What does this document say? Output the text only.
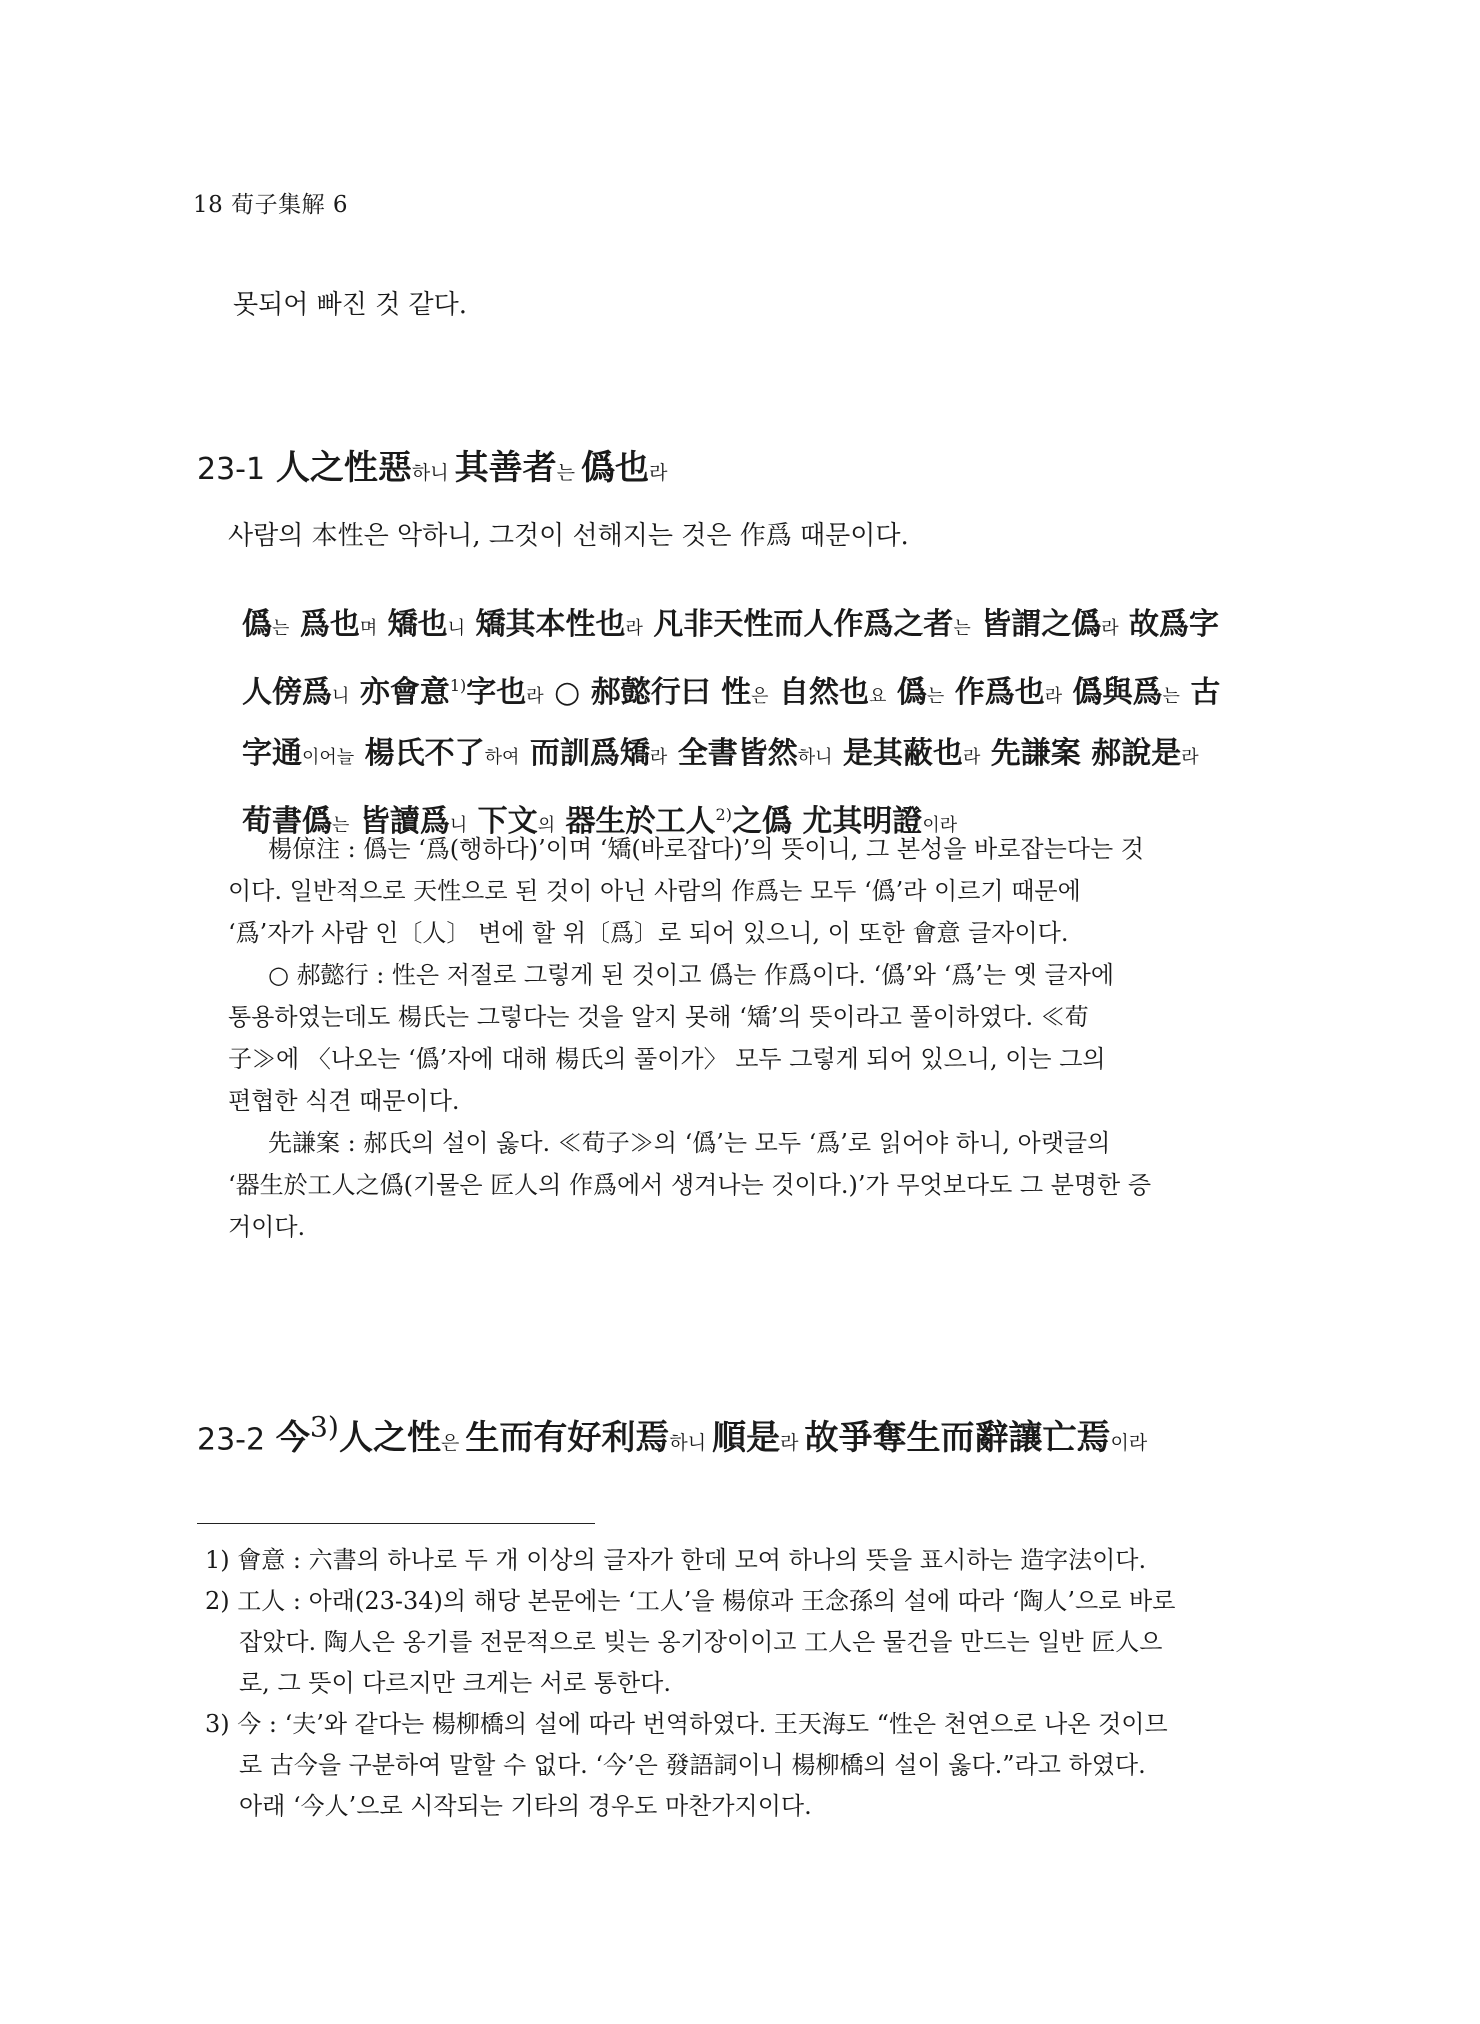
18 荀子集解 6
못되어 빠진 것 같다.
23-1 人之性惡하니 其善者는 僞也라
사람의 本性은 악하니, 그것이 선해지는 것은 作爲 때문이다.
僞는 爲也며 矯也니 矯其本性也라 凡非天性而人作爲之者는 皆謂之僞라 故爲字
人傍爲니 亦會意$^{1)}$字也라 ○ 郝懿行曰 性은 自然也요 僞는 作爲也라 僞與爲는 古
字通이어늘 楊氏不了하여 而訓爲矯라 全書皆然하니 是其蔽也라 先謙案 郝說是라
荀書僞는 皆讀爲니 下文의 器生於工人$^{2)}$之僞 尤其明證이라
楊倞注 : 僞는 ‘爲(행하다)’이며 ‘矯(바로잡다)’의 뜻이니, 그 본성을 바로잡는다는 것
이다. 일반적으로 天性으로 된 것이 아닌 사람의 作爲는 모두 ‘僞’라 이르기 때문에
‘爲’자가 사람 인〔人〕 변에 할 위〔爲〕로 되어 있으니, 이 또한 會意 글자이다.
○ 郝懿行 : 性은 저절로 그렇게 된 것이고 僞는 作爲이다. ‘僞’와 ‘爲’는 옛 글자에
통용하였는데도 楊氏는 그렇다는 것을 알지 못해 ‘矯’의 뜻이라고 풀이하였다. ≪荀
子≫에 〈나오는 ‘僞’자에 대해 楊氏의 풀이가〉 모두 그렇게 되어 있으니, 이는 그의
편협한 식견 때문이다.
先謙案 : 郝氏의 설이 옳다. ≪荀子≫의 ‘僞’는 모두 ‘爲’로 읽어야 하니, 아랫글의
‘器生於工人之僞(기물은 匠人의 作爲에서 생겨나는 것이다.)’가 무엇보다도 그 분명한 증
거이다.
23-2 今$^{3)}$人之性은 生而有好利焉하니 順是라 故爭奪生而辭讓亡焉이라
1) 會意 : 六書의 하나로 두 개 이상의 글자가 한데 모여 하나의 뜻을 표시하는 造字法이다.
2) 工人 : 아래(23-34)의 해당 본문에는 ‘工人’을 楊倞과 王念孫의 설에 따라 ‘陶人’으로 바로
잡았다. 陶人은 옹기를 전문적으로 빚는 옹기장이이고 工人은 물건을 만드는 일반 匠人으
로, 그 뜻이 다르지만 크게는 서로 통한다.
3) 今 : ‘夫’와 같다는 楊柳橋의 설에 따라 번역하였다. 王天海도 “性은 천연으로 나온 것이므
로 古今을 구분하여 말할 수 없다. ‘今’은 發語詞이니 楊柳橋의 설이 옳다.”라고 하였다.
아래 ‘今人’으로 시작되는 기타의 경우도 마찬가지이다.
